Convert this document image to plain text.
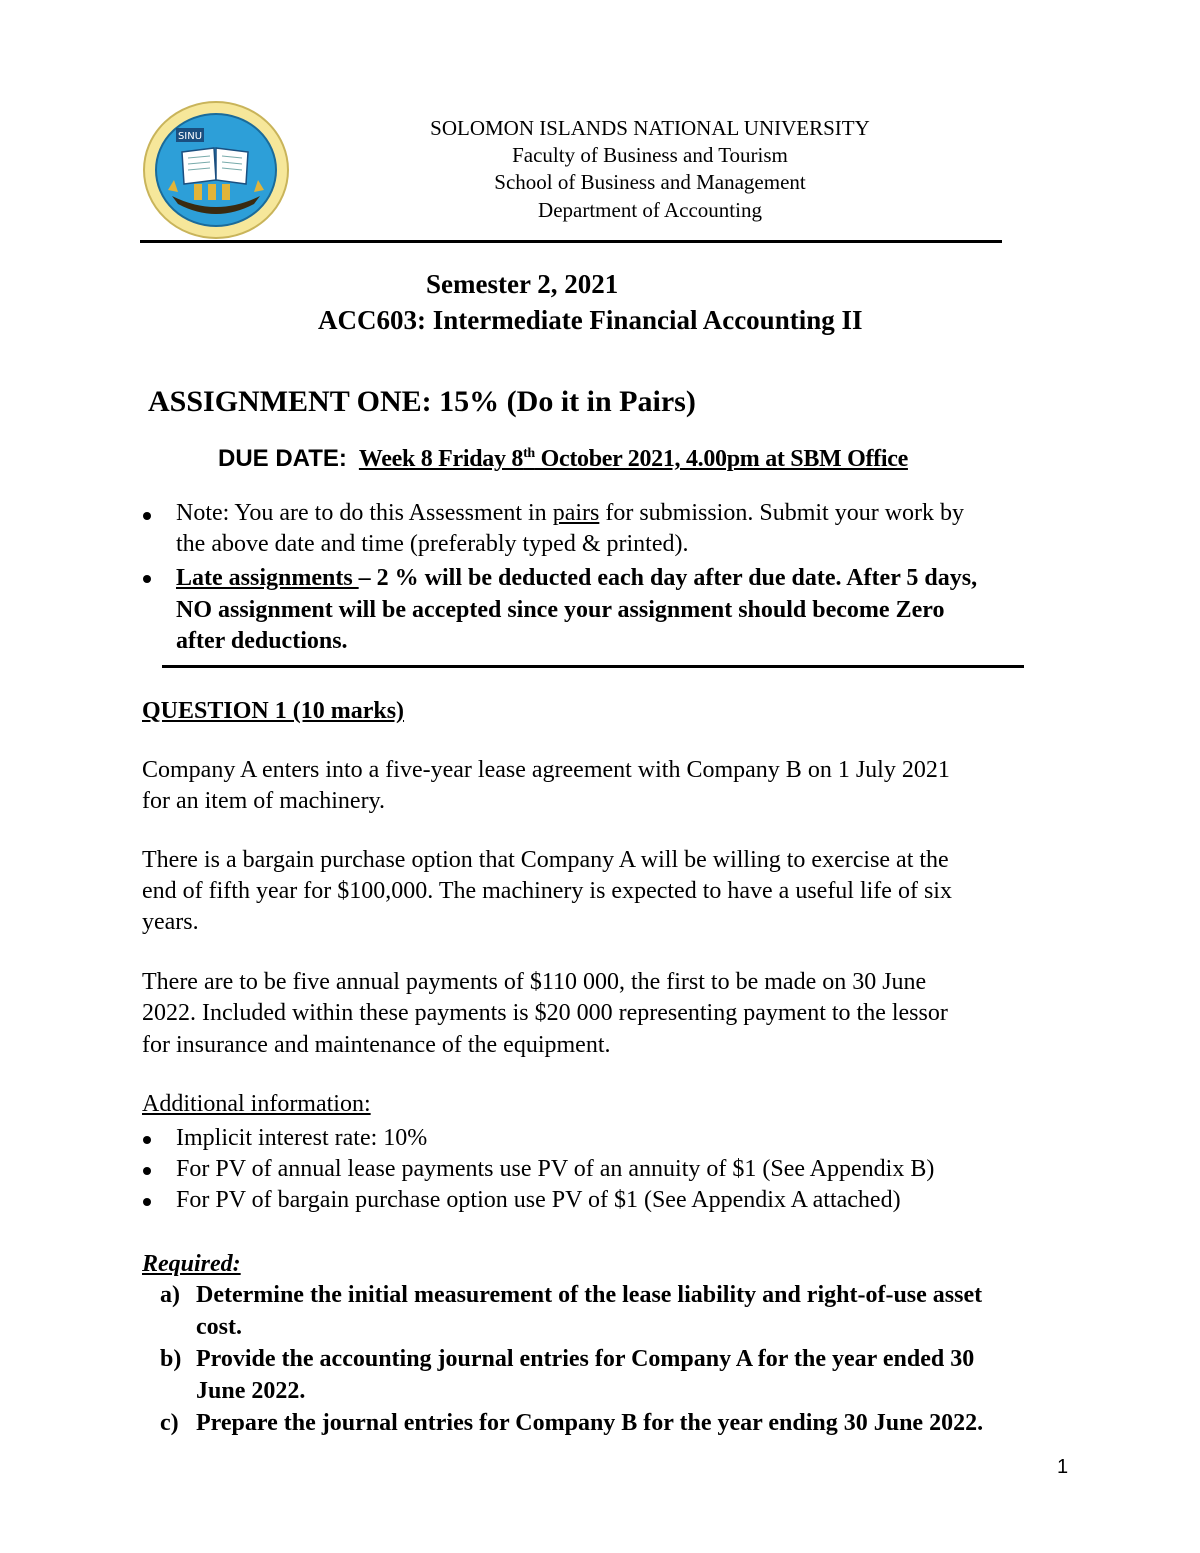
SINU	SOLOMON ISLANDS NATIONAL UNIVERSITY
Faculty of Business and Tourism
School of Business and Management
Department of Accounting
Semester 2, 2021
ACC603: Intermediate Financial Accounting II
ASSIGNMENT ONE: 15% (Do it in Pairs)
DUE DATE: Week 8 Friday 8th October 2021, 4.00pm at SBM Office
Note: You are to do this Assessment in pairs for submission. Submit your work by
the above date and time (preferably typed & printed).
Late assignments – 2 % will be deducted each day after due date. After 5 days,
NO assignment will be accepted since your assignment should become Zero
after deductions.
QUESTION 1 (10 marks)
Company A enters into a five-year lease agreement with Company B on 1 July 2021
for an item of machinery.
There is a bargain purchase option that Company A will be willing to exercise at the
end of fifth year for $100,000. The machinery is expected to have a useful life of six
years.
There are to be five annual payments of $110 000, the first to be made on 30 June
2022. Included within these payments is $20 000 representing payment to the lessor
for insurance and maintenance of the equipment.
Additional information:
Implicit interest rate: 10%
For PV of annual lease payments use PV of an annuity of $1 (See Appendix B)
For PV of bargain purchase option use PV of $1 (See Appendix A attached)
Required:
a) Determine the initial measurement of the lease liability and right-of-use asset
cost.
b) Provide the accounting journal entries for Company A for the year ended 30
June 2022.
c) Prepare the journal entries for Company B for the year ending 30 June 2022.
1
